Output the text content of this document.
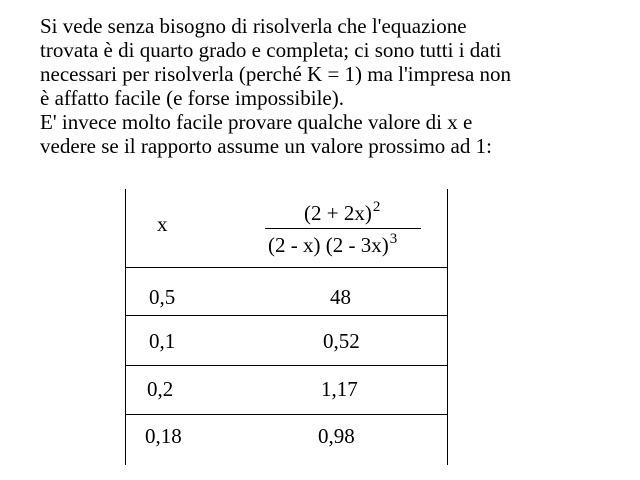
Si vede senza bisogno di risolverla che l'equazione
trovata è di quarto grado e completa; ci sono tutti i dati
necessari per risolverla (perché K = 1) ma l'impresa non
è affatto facile (e forse impossibile).
E' invece molto facile provare qualche valore di x e
vedere se il rapporto assume un valore prossimo ad 1:
x	$(2 + 2x)^2$
(2 - x) (2 - 3x)$^3$
0,5	48
0,1	0,52
0,2	1,17
0,18	0,98
